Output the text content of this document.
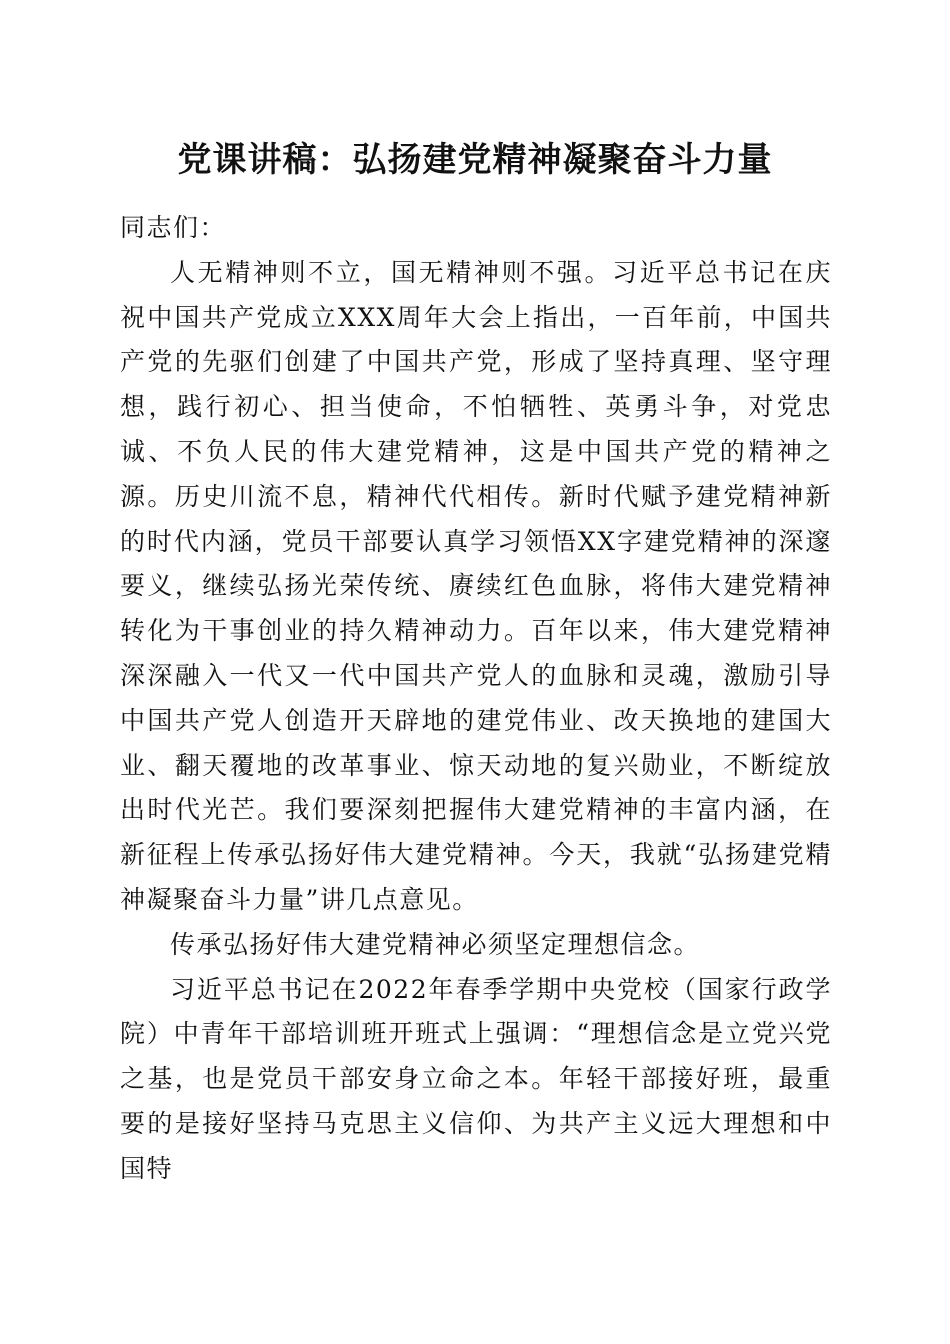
党课讲稿：弘扬建党精神凝聚奋斗力量

同志们：

人无精神则不立，国无精神则不强。习近平总书记在庆祝中国共产党成立XXX周年大会上指出，一百年前，中国共产党的先驱们创建了中国共产党，形成了坚持真理、坚守理想，践行初心、担当使命，不怕牺牲、英勇斗争，对党忠诚、不负人民的伟大建党精神，这是中国共产党的精神之源。历史川流不息，精神代代相传。新时代赋予建党精神新的时代内涵，党员干部要认真学习领悟XX字建党精神的深邃要义，继续弘扬光荣传统、赓续红色血脉，将伟大建党精神转化为干事创业的持久精神动力。百年以来，伟大建党精神深深融入一代又一代中国共产党人的血脉和灵魂，激励引导中国共产党人创造开天辟地的建党伟业、改天换地的建国大业、翻天覆地的改革事业、惊天动地的复兴勋业，不断绽放出时代光芒。我们要深刻把握伟大建党精神的丰富内涵，在新征程上传承弘扬好伟大建党精神。今天，我就“弘扬建党精神凝聚奋斗力量”讲几点意见。

传承弘扬好伟大建党精神必须坚定理想信念。

习近平总书记在2022年春季学期中央党校（国家行政学院）中青年干部培训班开班式上强调：“理想信念是立党兴党之基，也是党员干部安身立命之本。年轻干部接好班，最重要的是接好坚持马克思主义信仰、为共产主义远大理想和中国特
